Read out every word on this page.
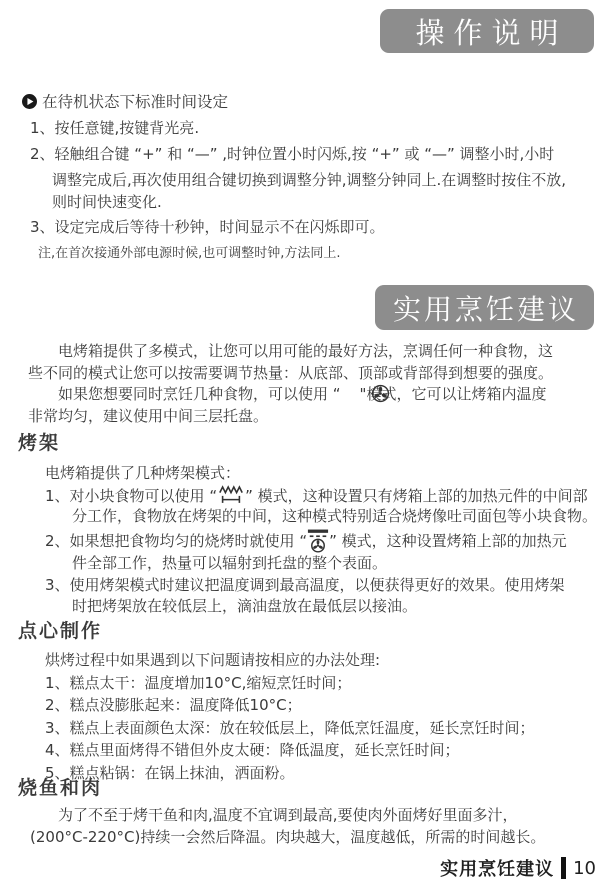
操作说明
在待机状态下标准时间设定
1、按任意键,按键背光亮.
2、轻触组合键 “+” 和 “—” ,时钟位置小时闪烁,按 “+” 或 “—” 调整小时,小时
调整完成后,再次使用组合键切换到调整分钟,调整分钟同上.在调整时按住不放,
则时间快速变化.
3、设定完成后等待十秒钟，时间显示不在闪烁即可。
注,在首次接通外部电源时候,也可调整时钟,方法同上.
实用烹饪建议
电烤箱提供了多模式，让您可以用可能的最好方法，烹调任何一种食物，这
些不同的模式让您可以按需要调节热量：从底部、顶部或背部得到想要的强度。
如果您想要同时烹饪几种食物，可以使用 “ "模式，它可以让烤箱内温度
非常均匀，建议使用中间三层托盘。
烤架
电烤箱提供了几种烤架模式：
1、对小块食物可以使用 “ ” 模式，这种设置只有烤箱上部的加热元件的中间部
分工作，食物放在烤架的中间，这种模式特别适合烧烤像吐司面包等小块食物。
2、如果想把食物均匀的烧烤时就使用 “ ” 模式，这种设置烤箱上部的加热元
件全部工作，热量可以辐射到托盘的整个表面。
3、使用烤架模式时建议把温度调到最高温度，以便获得更好的效果。使用烤架
时把烤架放在较低层上，滴油盘放在最低层以接油。
点心制作
烘烤过程中如果遇到以下问题请按相应的办法处理:
1、糕点太干：温度增加10°C,缩短烹饪时间；
2、糕点没膨胀起来：温度降低10°C；
3、糕点上表面颜色太深：放在较低层上，降低烹饪温度，延长烹饪时间；
4、糕点里面烤得不错但外皮太硬：降低温度，延长烹饪时间；
5、糕点粘锅：在锅上抹油，洒面粉。
烧鱼和肉
为了不至于烤干鱼和肉,温度不宜调到最高,要使肉外面烤好里面多汁，
(200°C-220°C)持续一会然后降温。肉块越大，温度越低，所需的时间越长。
实用烹饪建议 10
